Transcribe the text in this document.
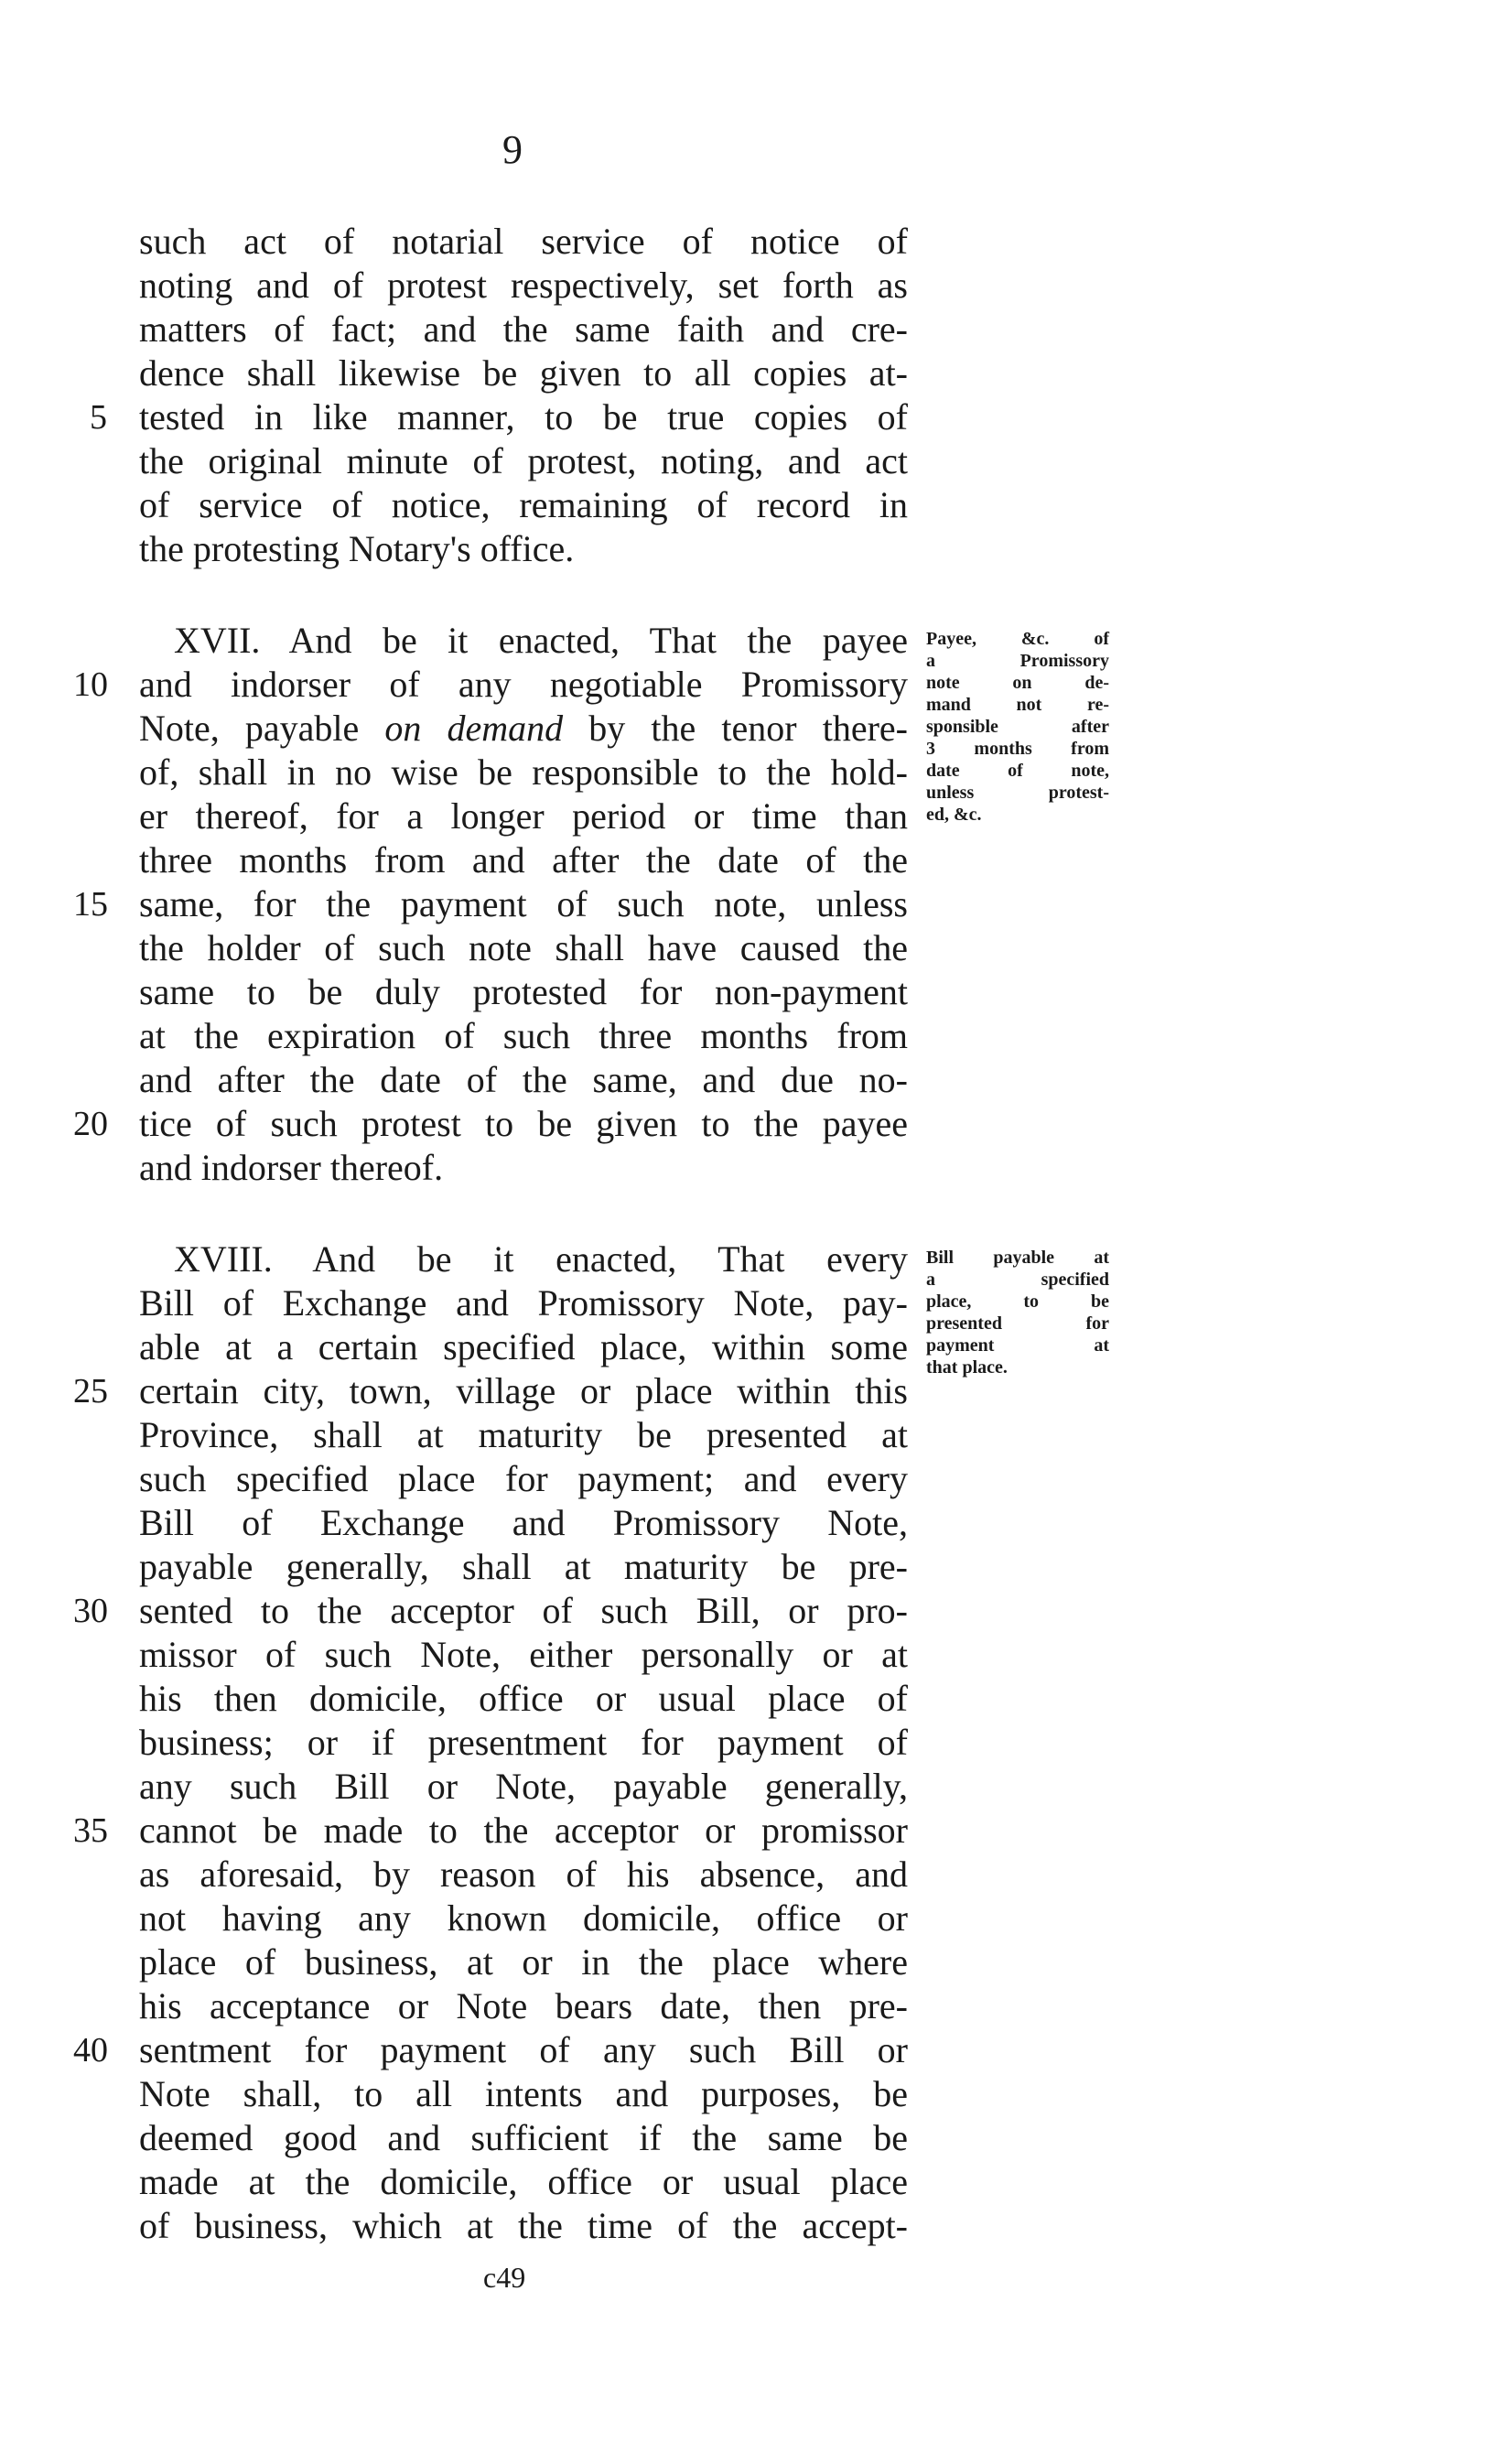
9
such act of notarial service of notice of
noting and of protest respectively, set forth as
matters of fact; and the same faith and cre-
dence shall likewise be given to all copies at-
5 tested in like manner, to be true copies of
the original minute of protest, noting, and act
of service of notice, remaining of record in
the protesting Notary's office.
XVII. And be it enacted, That the payee
10 and indorser of any negotiable Promissory
Note, payable on demand by the tenor there-
of, shall in no wise be responsible to the hold-
er thereof, for a longer period or time than
three months from and after the date of the
15 same, for the payment of such note, unless
the holder of such note shall have caused the
same to be duly protested for non-payment
at the expiration of such three months from
and after the date of the same, and due no-
20 tice of such protest to be given to the payee
and indorser thereof.
Payee, &c. of
a Promissory
note on de-
mand not re-
sponsible after
3 months from
date of note,
unless protest-
ed, &c.
XVIII. And be it enacted, That every
Bill of Exchange and Promissory Note, pay-
able at a certain specified place, within some
25 certain city, town, village or place within this
Province, shall at maturity be presented at
such specified place for payment; and every
Bill of Exchange and Promissory Note,
payable generally, shall at maturity be pre-
30 sented to the acceptor of such Bill, or pro-
missor of such Note, either personally or at
his then domicile, office or usual place of
business; or if presentment for payment of
any such Bill or Note, payable generally,
35 cannot be made to the acceptor or promissor
as aforesaid, by reason of his absence, and
not having any known domicile, office or
place of business, at or in the place where
his acceptance or Note bears date, then pre-
40 sentment for payment of any such Bill or
Note shall, to all intents and purposes, be
deemed good and sufficient if the same be
made at the domicile, office or usual place
of business, which at the time of the accept-
Bill payable at
a specified
place, to be
presented for
payment at
that place.
c49
